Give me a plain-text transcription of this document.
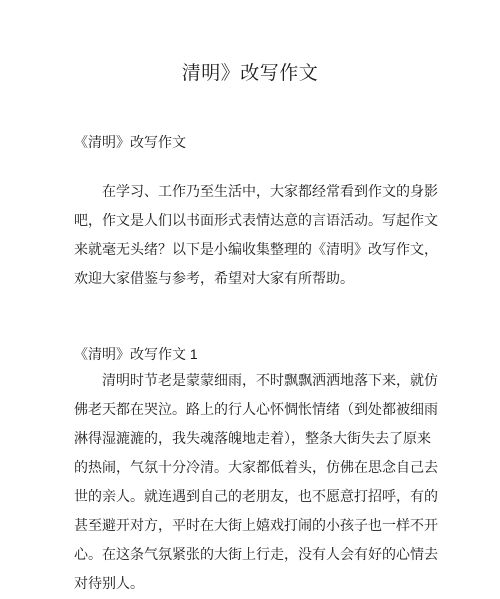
清明》改写作文
《清明》改写作文

在学习、工作乃至生活中，大家都经常看到作文的身影
吧，作文是人们以书面形式表情达意的言语活动。写起作文
来就毫无头绪？以下是小编收集整理的《清明》改写作文，
欢迎大家借鉴与参考，希望对大家有所帮助。

《清明》改写作文 1

清明时节老是蒙蒙细雨，不时飘飘洒洒地落下来，就仿
佛老天都在哭泣。路上的行人心怀惆怅情绪（到处都被细雨
淋得湿漉漉的，我失魂落魄地走着），整条大街失去了原来
的热闹，气氛十分冷清。大家都低着头，仿佛在思念自己去
世的亲人。就连遇到自己的老朋友，也不愿意打招呼，有的
甚至避开对方，平时在大街上嬉戏打闹的小孩子也一样不开
心。在这条气氛紧张的大街上行走，没有人会有好的心情去
对待别人。
